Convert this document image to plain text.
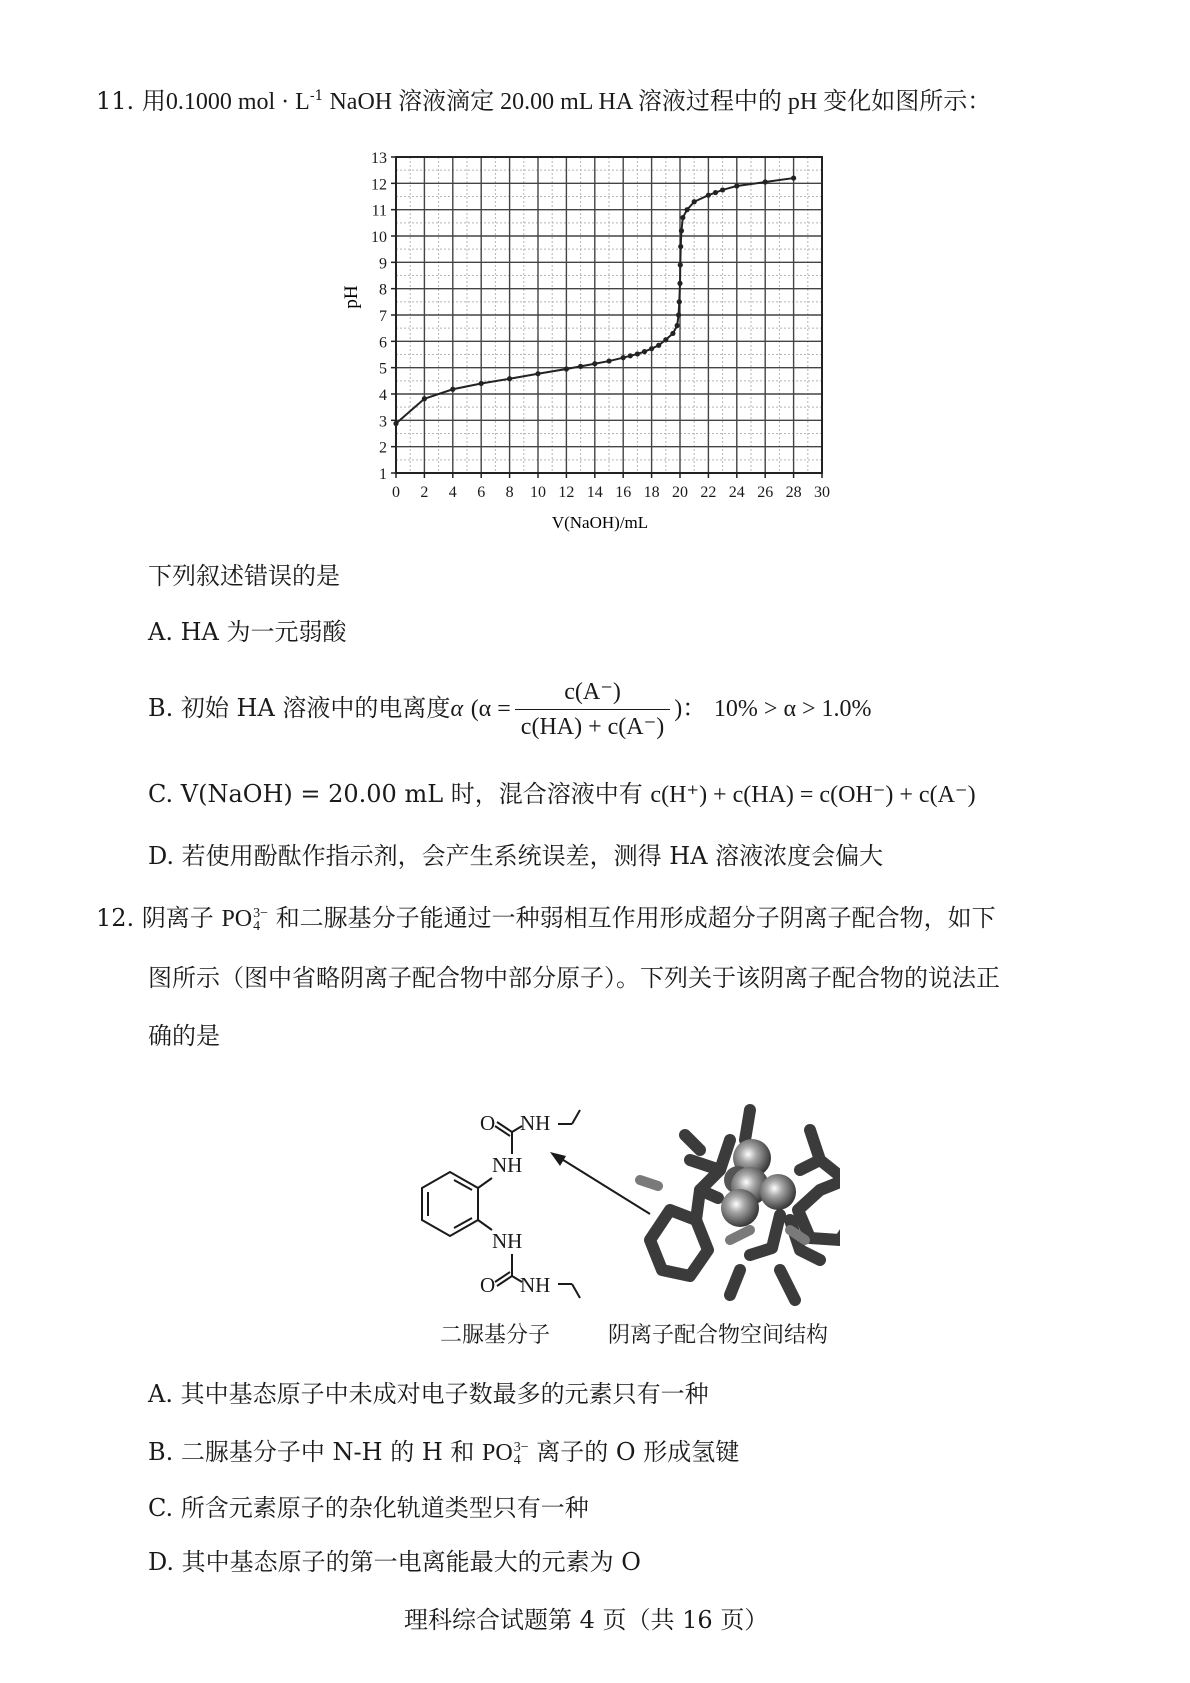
11. 用0.1000 mol · $L^{-1}$ NaOH 溶液滴定 20.00 mL HA 溶液过程中的 pH 变化如图所示：
1
2
3
4
5
6
7
8
9
10
11
12
13
0 2 4 6 8 10 12 14 16 18 20 22 24 26 28 30
pH
V(NaOH)/mL
下列叙述错误的是
A. HA 为一元弱酸
B. 初始 HA 溶液中的电离度α ($\alpha = \frac{c(A^-)}{c(HA) + c(A^-)}$ )： 10% > α > 1.0%
C. V(NaOH) = 20.00 mL 时，混合溶液中有 c(H⁺) + c(HA) = c(OH⁻) + c(A⁻)
D. 若使用酚酞作指示剂，会产生系统误差，测得 HA 溶液浓度会偏大
12. 阴离子 PO 3−
4 和二脲基分子能通过一种弱相互作用形成超分子阴离子配合物，如下
图所示（图中省略阴离子配合物中部分原子）。下列关于该阴离子配合物的说法正
确的是
O NH
NH
NH
O NH
二脲基分子	阴离子配合物空间结构
A. 其中基态原子中未成对电子数最多的元素只有一种
B. 二脲基分子中 N-H 的 H 和 PO 3−
4 离子的 O 形成氢键
C. 所含元素原子的杂化轨道类型只有一种
D. 其中基态原子的第一电离能最大的元素为 O
理科综合试题第 4 页（共 16 页）
